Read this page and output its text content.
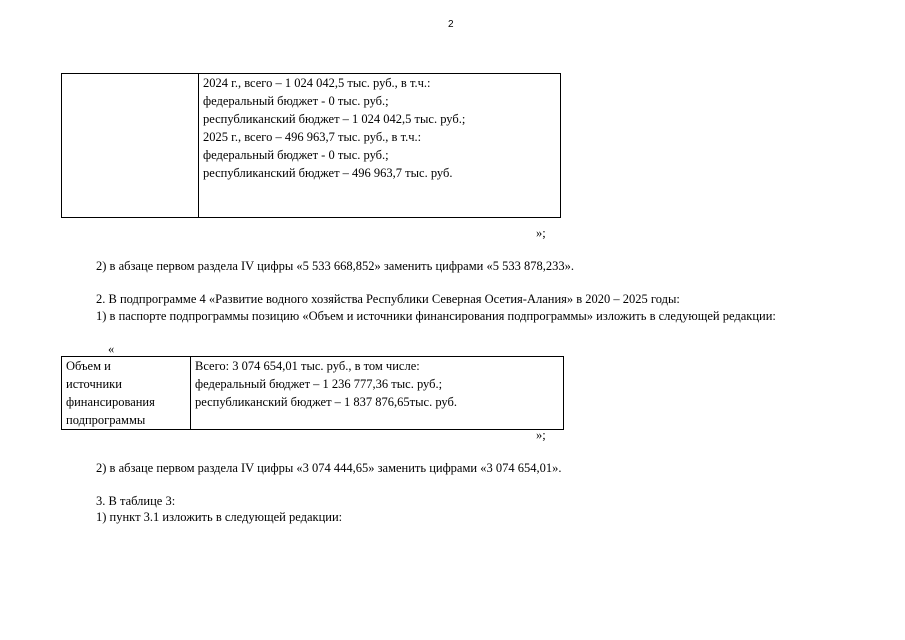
2

2024 г., всего – 1 024 042,5 тыс. руб., в т.ч.:
федеральный бюджет - 0 тыс. руб.;
республиканский бюджет – 1 024 042,5 тыс. руб.;
2025 г., всего – 496 963,7 тыс. руб., в т.ч.:
федеральный бюджет - 0 тыс. руб.;
республиканский бюджет – 496 963,7 тыс. руб.
»;
2) в абзаце первом раздела IV цифры «5 533 668,852» заменить цифрами «5 533 878,233».
2. В подпрограмме 4 «Развитие водного хозяйства Республики Северная Осетия-Алания» в 2020 – 2025 годы:
1) в паспорте подпрограммы позицию «Объем и источники финансирования подпрограммы» изложить в следующей редакции:
«
Объем и
источники
финансирования
подпрограммы

Всего: 3 074 654,01 тыс. руб., в том числе:
федеральный бюджет – 1 236 777,36 тыс. руб.;
республиканский бюджет – 1 837 876,65тыс. руб.
»;
2) в абзаце первом раздела IV цифры «3 074 444,65» заменить цифрами «3 074 654,01».
3. В таблице 3:
1) пункт 3.1 изложить в следующей редакции:
